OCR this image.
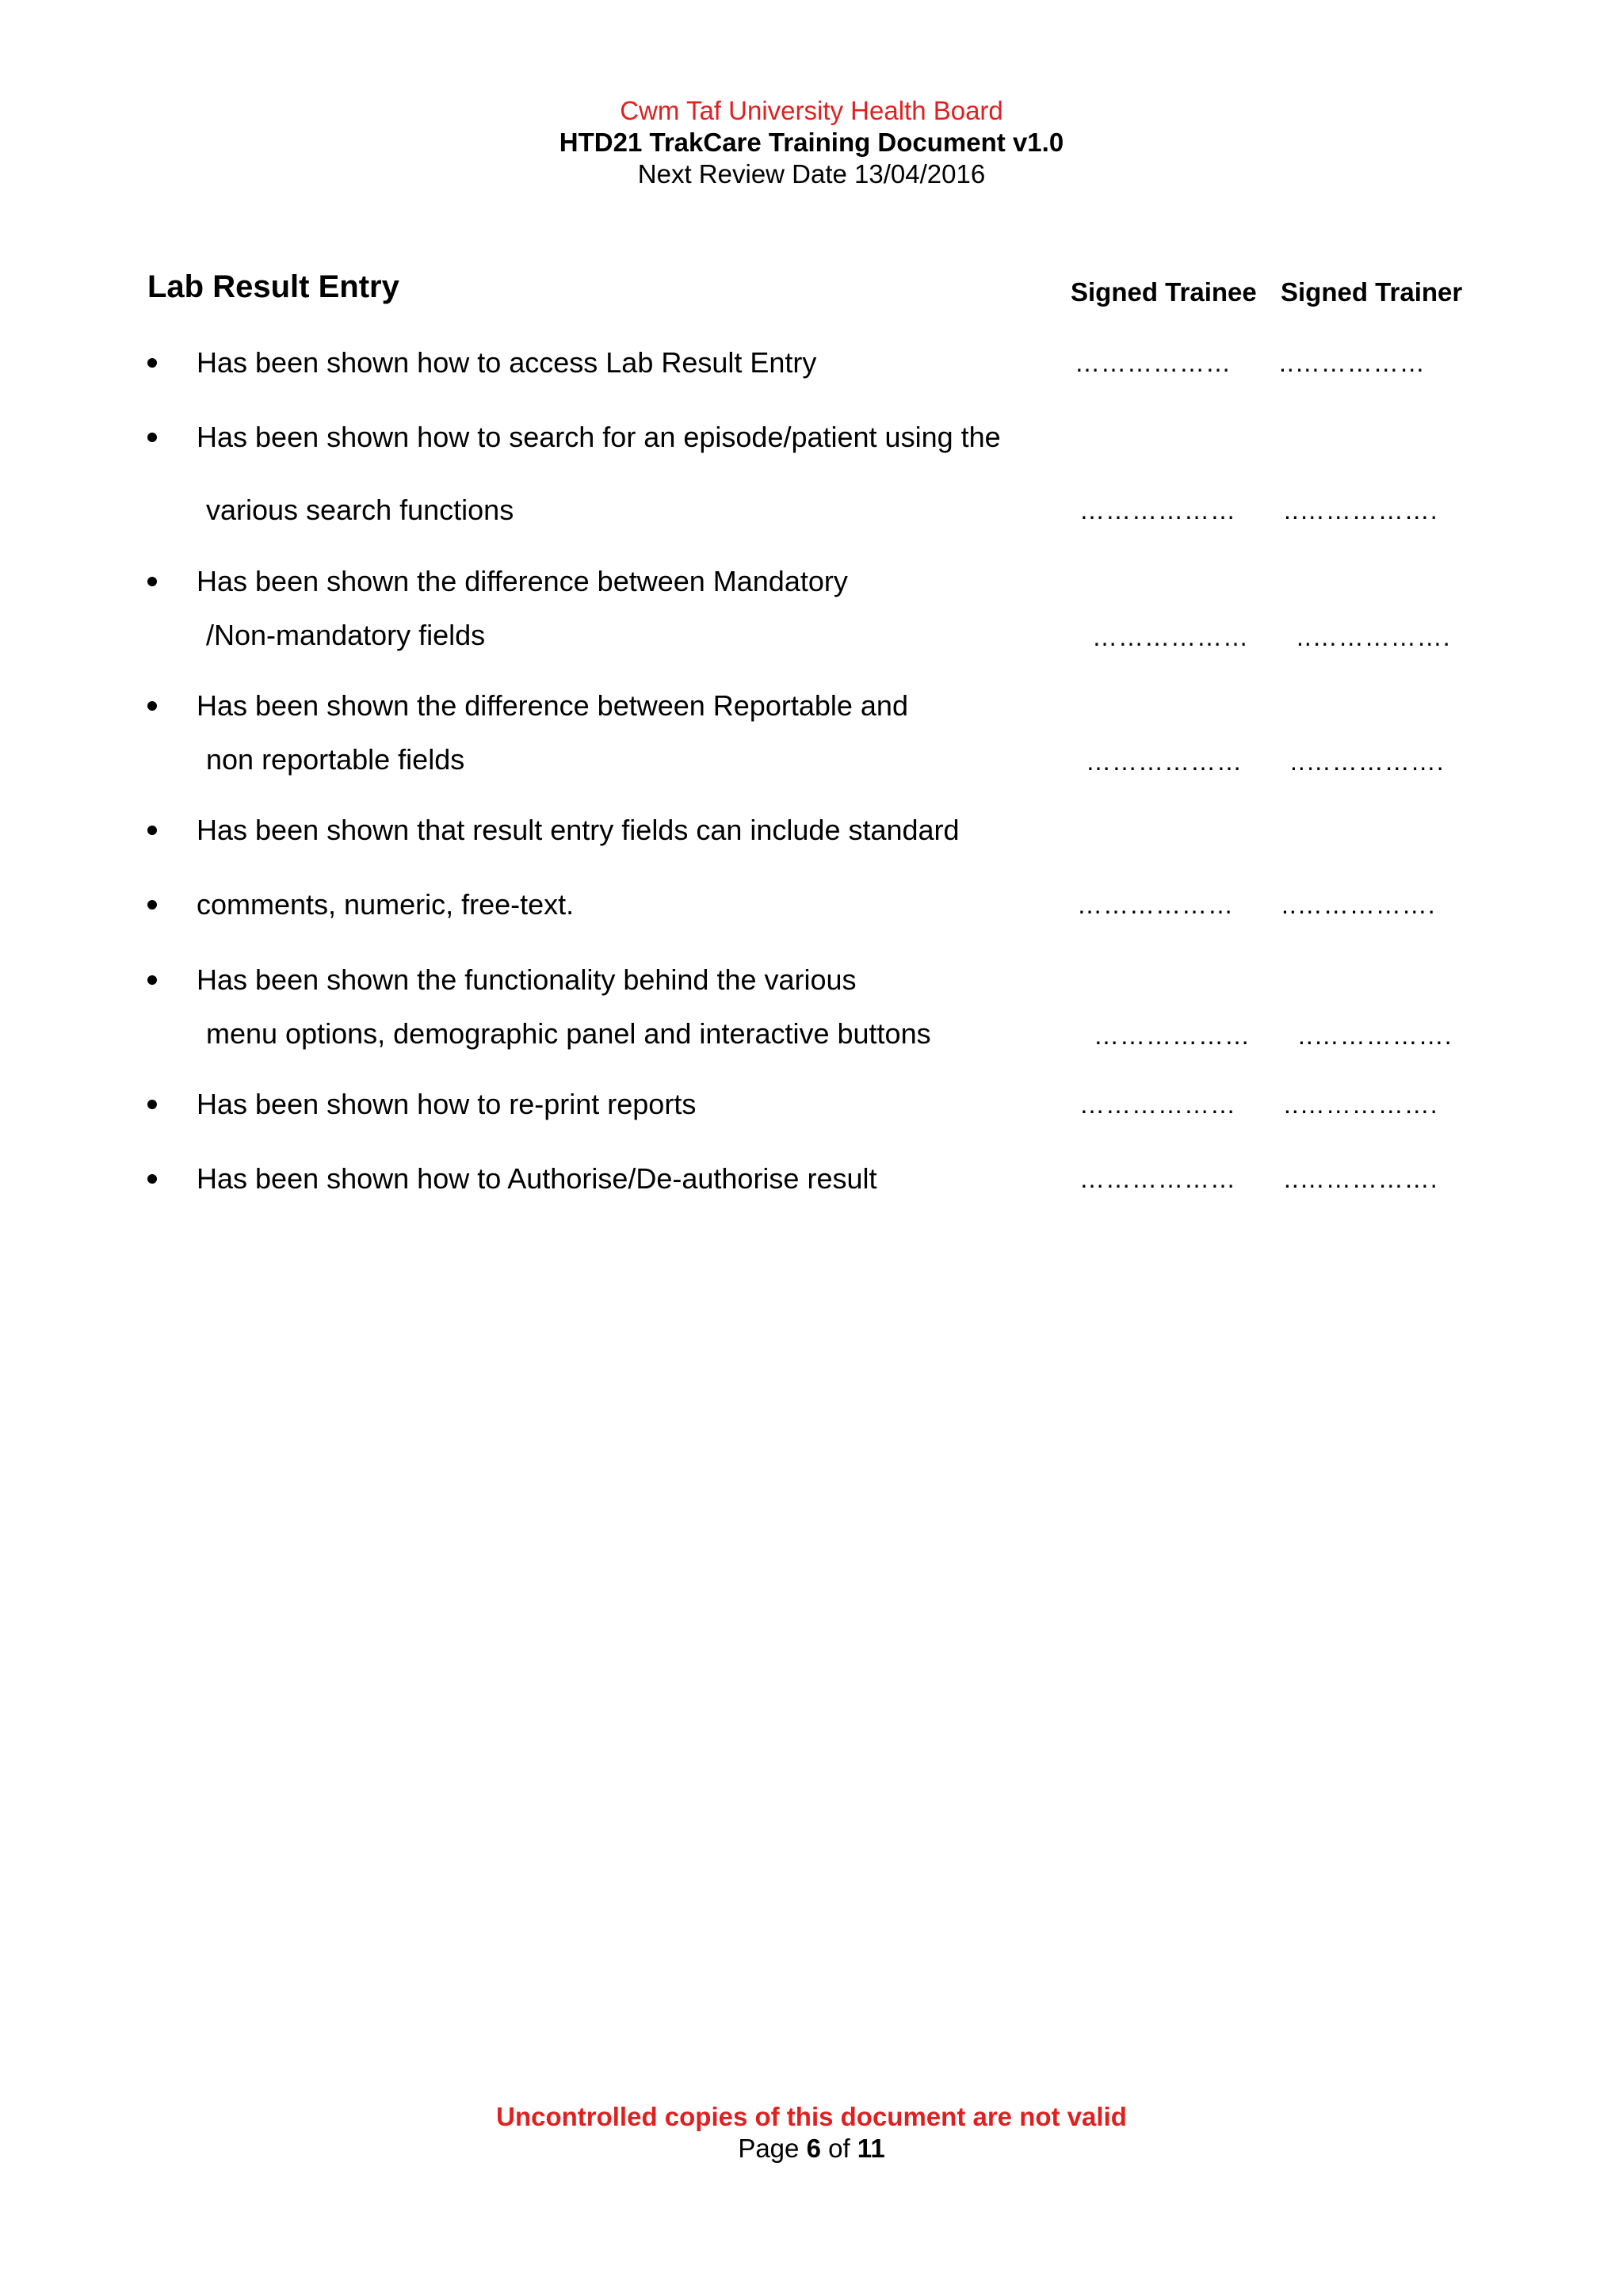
Cwm Taf University Health Board
HTD21 TrakCare Training Document v1.0
Next Review Date 13/04/2016
Lab Result Entry	Signed Trainee Signed Trainer
Has been shown how to access Lab Result Entry	……………… ..……………
Has been shown how to search for an episode/patient using the
various search functions	……………… ..…………….
Has been shown the difference between Mandatory
/Non-mandatory fields	……………… ..…………….
Has been shown the difference between Reportable and
non reportable fields	……………… ..…………….
Has been shown that result entry fields can include standard
comments, numeric, free-text.	……………… ..…………….
Has been shown the functionality behind the various
menu options, demographic panel and interactive buttons	……………… ..…………….
Has been shown how to re-print reports	……………… ..…………….
Has been shown how to Authorise/De-authorise result	……………… ..…………….
Uncontrolled copies of this document are not valid
Page 6 of 11
